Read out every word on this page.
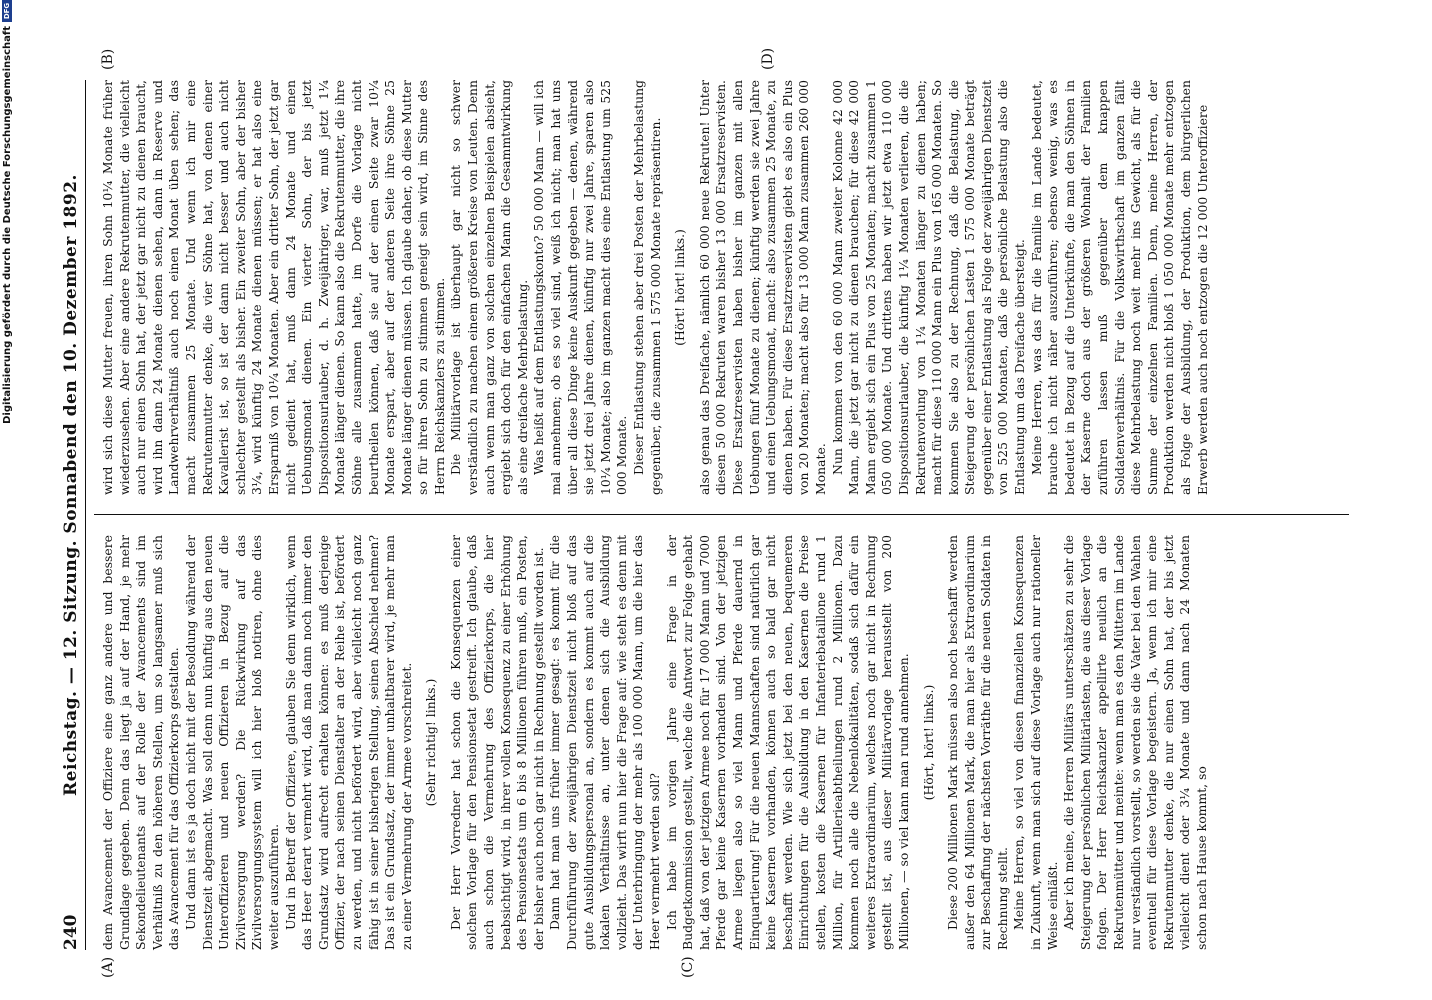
240
Reichstag. — 12. Sitzung. Sonnabend den 10. Dezember 1892.
(A)	(C)
(B)	(D)

dem Avancement der Offiziere eine ganz andere und bessere Grundlage gegeben. Denn das liegt ja auf der Hand, je mehr Sekondelieutenants auf der Rolle der Avancements sind im Verhältniß zu den höheren Stellen, um so langsamer muß sich das Avancement für das Offizierkorps gestalten. Und dann ist es ja doch nicht mit der Besoldung während der Dienstzeit abgemacht. Was soll denn nun künftig aus den neuen Unteroffizieren und neuen Offizieren in Bezug auf die Zivilversorgung werden? Die Rückwirkung auf das Zivilversorgungssystem will ich hier bloß notiren, ohne dies weiter auszuführen. Und in Betreff der Offiziere, glauben Sie denn wirklich, wenn das Heer derart vermehrt wird, daß man dann noch immer den Grundsatz wird aufrecht erhalten können: es muß derjenige Offizier, der nach seinen Dienstalter an der Reihe ist, befördert zu werden, und nicht befördert wird, aber vielleicht noch ganz fähig ist in seiner bisherigen Stellung, seinen Abschied nehmen? Das ist ein Grundsatz, der immer unhaltbarer wird, je mehr man zu einer Vermehrung der Armee vorschreitet. (Sehr richtig! links.) Der Herr Vorredner hat schon die Konsequenzen einer solchen Vorlage für den Pensionsetat gestreift. Ich glaube, daß auch schon die Vermehrung des Offizierkorps, die hier beabsichtigt wird, in ihrer vollen Konsequenz zu einer Erhöhung des Pensionsetats um 6 bis 8 Millionen führen muß, ein Posten, der bisher auch noch gar nicht in Rechnung gestellt worden ist. Dann hat man uns früher immer gesagt: es kommt für die Durchführung der zweijährigen Dienstzeit nicht bloß auf das gute Ausbildungspersonal an, sondern es kommt auch auf die lokalen Verhältnisse an, unter denen sich die Ausbildung vollzieht. Das wirft nun hier die Frage auf: wie steht es denn mit der Unterbringung der mehr als 100 000 Mann, um die hier das Heer vermehrt werden soll? Ich habe im vorigen Jahre eine Frage in der Budgetkommission gestellt, welche die Antwort zur Folge gehabt hat, daß von der jetzigen Armee noch für 17 000 Mann und 7000 Pferde gar keine Kasernen vorhanden sind. Von der jetzigen Armee liegen also so viel Mann und Pferde dauernd in Einquartierung! Für die neuen Mannschaften sind natürlich gar keine Kasernen vorhanden, können auch so bald gar nicht beschafft werden. Wie sich jetzt bei den neuen, bequemeren Einrichtungen für die Ausbildung in den Kasernen die Preise stellen, kosten die Kasernen für Infanteriebataillone rund 1 Million, für Artillerieabtheilungen rund 2 Millionen. Dazu kommen noch alle die Nebenlokalitäten, sodaß sich dafür ein weiteres Extraordinarium, welches noch gar nicht in Rechnung gestellt ist, aus dieser Militärvorlage herausstellt von 200 Millionen, — so viel kann man rund annehmen. (Hört, hört! links.) Diese 200 Millionen Mark müssen also noch beschafft werden außer den 64 Millionen Mark, die man hier als Extraordinarium zur Beschaffung der nächsten Vorräthe für die neuen Soldaten in Rechnung stellt. Meine Herren, so viel von diesen finanziellen Konsequenzen in Zukunft, wenn man sich auf diese Vorlage auch nur rationeller Weise einläßt. Aber ich meine, die Herren Militärs unterschätzen zu sehr die Steigerung der persönlichen Militärlasten, die aus dieser Vorlage folgen. Der Herr Reichskanzler appellirte neulich an die Rekrutenmütter und meinte: wenn man es den Müttern im Lande nur verständlich vorstellt, so werden sie die Vater bei den Wahlen eventuell für diese Vorlage begeistern. Ja, wenn ich mir eine Rekrutenmutter denke, die nur einen Sohn hat, der bis jetzt vielleicht dient oder 3¼ Monate und dann nach 24 Monaten schon nach Hause kommt, so

wird sich diese Mutter freuen, ihren Sohn 10¼ Monate früher wiederzusehen. Aber eine andere Rekrutenmutter, die vielleicht auch nur einen Sohn hat, der jetzt gar nicht zu dienen braucht, wird ihn dann 24 Monate dienen sehen, dann in Reserve und Landwehrverhältniß auch noch einen Monat üben sehen; das macht zusammen 25 Monate. Und wenn ich mir eine Rekrutenmutter denke, die vier Söhne hat, von denen einer Kavallerist ist, so ist der dann nicht besser und auch nicht schlechter gestellt als bisher. Ein zweiter Sohn, aber der bisher 3¼, wird künftig 24 Monate dienen müssen; er hat also eine Ersparniß von 10¼ Monaten. Aber ein dritter Sohn, der jetzt gar nicht gedient hat, muß dann 24 Monate und einen Uebungsmonat dienen. Ein vierter Sohn, der bis jetzt Dispositionsurlauber, d. h. Zweijähriger, war, muß jetzt 1¼ Monate länger dienen. So kann also die Rekrutenmutter, die ihre Söhne alle zusammen hatte, im Dorfe die Vorlage nicht beurtheilen können, daß sie auf der einen Seite zwar 10¼ Monate erspart, aber auf der anderen Seite ihre Söhne 25 Monate länger dienen müssen. Ich glaube daher, ob diese Mutter so für ihren Sohn zu stimmen geneigt sein wird, im Sinne des Herrn Reichskanzlers zu stimmen. Die Militärvorlage ist überhaupt gar nicht so schwer verständlich zu machen einem größeren Kreise von Leuten. Denn auch wenn man ganz von solchen einzelnen Beispielen absieht, ergiebt sich doch für den einfachen Mann die Gesammtwirkung als eine dreifache Mehrbelastung. Was heißt auf dem Entlastungskonto? 50 000 Mann — will ich mal annehmen; ob es so viel sind, weiß ich nicht; man hat uns über all diese Dinge keine Auskunft gegeben — denen, während sie jetzt drei Jahre dienen, künftig nur zwei Jahre, sparen also 10¼ Monate; also im ganzen macht dies eine Entlastung um 525 000 Monate. Dieser Entlastung stehen aber drei Posten der Mehrbelastung gegenüber, die zusammen 1 575 000 Monate repräsentiren. (Hört! hört! links.) also genau das Dreifache, nämlich 60 000 neue Rekruten! Unter diesen 50 000 Rekruten waren bisher 13 000 Ersatzreservisten. Diese Ersatzreservisten haben bisher im ganzen mit allen Uebungen fünf Monate zu dienen; künftig werden sie zwei Jahre und einen Uebungsmonat, macht: also zusammen 25 Monate, zu dienen haben. Für diese Ersatzreservisten giebt es also ein Plus von 20 Monaten; macht also für 13 000 Mann zusammen 260 000 Monate. Nun kommen von den 60 000 Mann zweiter Kolonne 42 000 Mann, die jetzt gar nicht zu dienen brauchen; für diese 42 000 Mann ergiebt sich ein Plus von 25 Monaten; macht zusammen 1 050 000 Monate. Und drittens haben wir jetzt etwa 110 000 Dispositionsurlauber, die künftig 1¼ Monaten verlieren, die die Rekrutenvorlung von 1¼ Monaten länger zu dienen haben; macht für diese 110 000 Mann ein Plus von 165 000 Monaten. So kommen Sie also zu der Rechnung, daß die Belastung, die Steigerung der persönlichen Lasten 1 575 000 Monate beträgt gegenüber einer Entlastung als Folge der zweijährigen Dienstzeit von 525 000 Monaten, daß die persönliche Belastung also die Entlastung um das Dreifache übersteigt. Meine Herren, was das für die Familie im Lande bedeutet, brauche ich nicht näher auszuführen; ebenso wenig, was es bedeutet in Bezug auf die Unterkünfte, die man den Söhnen in der Kaserne doch aus der größeren Wohnalt der Familien zuführen lassen muß gegenüber dem knappen Soldatenverhältnis. Für die Volkswirthschaft im ganzen fällt diese Mehrbelastung noch weit mehr ins Gewicht, als für die Summe der einzelnen Familien. Denn, meine Herren, der Produktion werden nicht bloß 1 050 000 Monate mehr entzogen als Folge der Ausbildung, der Produktion, dem bürgerlichen Erwerb werden auch noch entzogen die 12 000 Unteroffiziere

Digitalisierung gefördert durch die Deutsche Forschungsgemeinschaft
DFG
